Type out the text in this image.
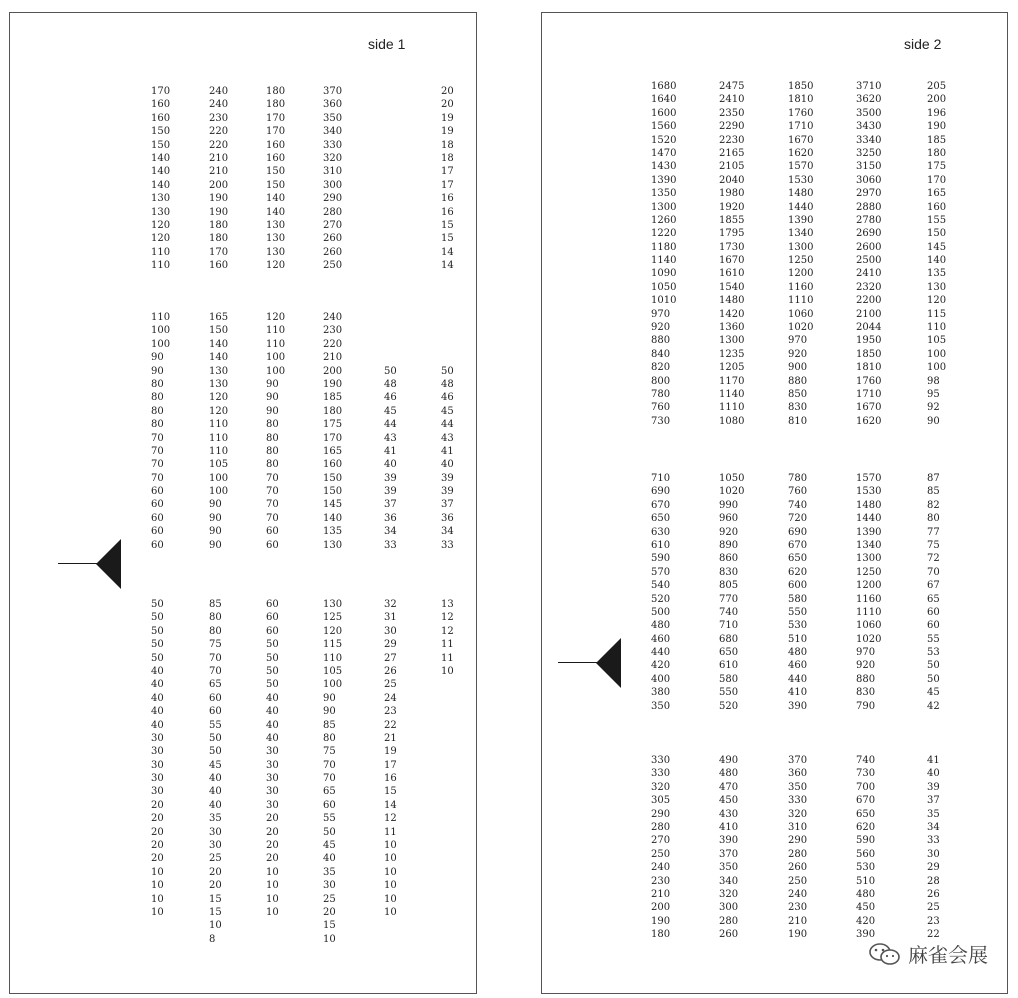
side 1
170
160
160
150
150
140
140
140
130
130
120
120
110
110
240
240
230
220
220
210
210
200
190
190
180
180
170
160
180
180
170
170
160
160
150
150
140
140
130
130
130
120
370
360
350
340
330
320
310
300
290
280
270
260
260
250
20
20
19
19
18
18
17
17
16
16
15
15
14
14
110
100
100
90
90
80
80
80
80
70
70
70
70
60
60
60
60
60
165
150
140
140
130
130
120
120
110
110
110
105
100
100
90
90
90
90
120
110
110
100
100
90
90
90
80
80
80
80
70
70
70
70
60
60
240
230
220
210
200
190
185
180
175
170
165
160
150
150
145
140
135
130
50
48
46
45
44
43
41
40
39
39
37
36
34
33
50
48
46
45
44
43
41
40
39
39
37
36
34
33
50
50
50
50
50
40
40
40
40
40
30
30
30
30
30
20
20
20
20
20
10
10
10
10
85
80
80
75
70
70
65
60
60
55
50
50
45
40
40
40
35
30
30
25
20
20
15
15
10
8
60
60
60
50
50
50
50
40
40
40
40
30
30
30
30
30
20
20
20
20
10
10
10
10
130
125
120
115
110
105
100
90
90
85
80
75
70
70
65
60
55
50
45
40
35
30
25
20
15
10
32
31
30
29
27
26
25
24
23
22
21
19
17
16
15
14
12
11
10
10
10
10
10
10
13
12
12
11
11
10
side 2
1680
1640
1600
1560
1520
1470
1430
1390
1350
1300
1260
1220
1180
1140
1090
1050
1010
970
920
880
840
820
800
780
760
730
2475
2410
2350
2290
2230
2165
2105
2040
1980
1920
1855
1795
1730
1670
1610
1540
1480
1420
1360
1300
1235
1205
1170
1140
1110
1080
1850
1810
1760
1710
1670
1620
1570
1530
1480
1440
1390
1340
1300
1250
1200
1160
1110
1060
1020
970
920
900
880
850
830
810
3710
3620
3500
3430
3340
3250
3150
3060
2970
2880
2780
2690
2600
2500
2410
2320
2200
2100
2044
1950
1850
1810
1760
1710
1670
1620
205
200
196
190
185
180
175
170
165
160
155
150
145
140
135
130
120
115
110
105
100
100
98
95
92
90
710
690
670
650
630
610
590
570
540
520
500
480
460
440
420
400
380
350
1050
1020
990
960
920
890
860
830
805
770
740
710
680
650
610
580
550
520
780
760
740
720
690
670
650
620
600
580
550
530
510
480
460
440
410
390
1570
1530
1480
1440
1390
1340
1300
1250
1200
1160
1110
1060
1020
970
920
880
830
790
87
85
82
80
77
75
72
70
67
65
60
60
55
53
50
50
45
42
330
330
320
305
290
280
270
250
240
230
210
200
190
180
490
480
470
450
430
410
390
370
350
340
320
300
280
260
370
360
350
330
320
310
290
280
260
250
240
230
210
190
740
730
700
670
650
620
590
560
530
510
480
450
420
390
41
40
39
37
35
34
33
30
29
28
26
25
23
22
麻雀会展
